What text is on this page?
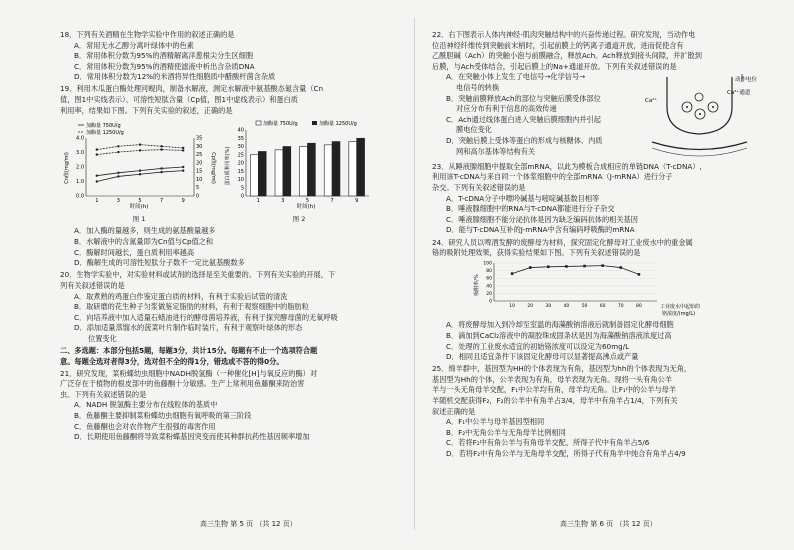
18．下列有关酒精在生物学实验中作用的叙述正确的是
A．常用无水乙醇分离叶绿体中的色素
B．常用体积分数为95%的酒精解离洋葱根尖分生区细胞
C．常用体积分数为95%的酒精使滤液中析出含杂质DNA
D．常用体积分数为12%的米酒将异性细胞质中醋酸杆菌含杂质
19．利用木瓜蛋白酶处理河蚬肉，制备水解液，测定水解液中氨基酸态氮含量（Cn
值，图1中实线表示）、可溶性短肽含量（Cp值，图1中虚线表示）和蛋白质
利用率，结果如下图。下列有关实验的叙述，正确的是
0.0
1.0
2.0
3.0
4.0
0
5
10
15
20
25
30
35
1	3	5	7	9
加酶量 750U/g
加酶量 1250U/g
Cn值(mg/ml)	Cp值(mg/ml)
时间(h)
图 1
0
5
10
15
20
25
30
35
40
1	3	5	7	9
加酶量 750U/g	加酶量 1250U/g
蛋白质利用率(%)
时间(h)
图 2
A．加入酶的量越多，则生成的氨基酸量越多
B．水解液中的含氮量即为Cn值与Cp值之和
C．酶解时间越长，蛋白质利用率越高
D．酶解生成的可溶性短肽分子数不一定比氨基酸数多
20．生物学实验中，对实验材料或试剂的选择是至关重要的。下列有关实验的开展，下
列有关叙述错误的是
A．取煮熟的鸡蛋白作鉴定蛋白质的材料，有利于实验后试管的清洗
B．取研磨的花生种子匀浆做鉴定脂肪的材料，有利于观察细胞中的脂肪粒
C．向培养液中加入适量石蜡油进行的酵母菌培养液，有利于探究酵母菌的无氧呼吸
D．添加适量蒸馏水的菠菜叶片制作临时装片，有利于观察叶绿体的形态
位置变化
二、多选题：本部分包括5题，每题3分，共计15分。每题有不止一个选项符合题
意。每题全选对者得3分，选对但不全的得1分，错选或不答的得0分。
21．研究发现，菜粉蝶幼虫细胞中NADH脱氢酶（一种催化[H]与氧反应的酶）对
广泛存在于植物的根皮部中的鱼藤酮十分敏感。生产上常利用鱼藤酮来防治害
虫。下列有关叙述错误的是
A．NADH 脱氢酶主要分布在线粒体的基质中
B．鱼藤酮主要抑制菜粉蝶幼虫细胞有氧呼吸的第三阶段
C．鱼藤酮也会对农作物产生很强的毒害作用
D．长期使用鱼藤酮将导致菜粉蝶基因突变而使其种群抗药性基因频率增加
高三生物 第 5 页 （共 12 页）
22．右下图表示人体内神经-肌肉突触结构中的兴奋传递过程。研究发现，当动作电
位沿神经纤维传到突触前末梢时，引起前膜上的钙离子通道开放，进而促使含有
乙酰胆碱（Ach）的突触小泡与前膜融合，释放Ach。Ach释放到接头间隙，并扩散到
后膜，与Ach受体结合，引起后膜上的Na+通道开放。下列有关叙述错误的是
A．在突触小体上发生了电信号→化学信号→
电信号的转换
B．突触前膜释放Ach的部位与突触后膜受体部位
对应分布有利于信息的高效传递
C．Ach通过线体蛋白进入突触后膜细胞内并引起
膜电位变化
D．突触后膜上受体等蛋白的形成与核糖体、内质
网和高尔基体等结构有关
动作电位
Ca²⁺
Ca²⁺通道
23．从睡液腺细胞中提取全部mRNA，以此为模板合成相应的单链DNA（T-cDNA）,
利用该T-cDNA与来自同一个体浆细胞中的全部mRNA（J-mRNA）进行分子
杂交。下列有关叙述错误的是
A．T-cDNA分子中嘌呤碱基与嘧啶碱基数目相等
B．唾液腺细胞中的RNA与T-cDNA都能进行分子杂交
C．唾液腺细胞不能分泌抗体是因为缺乏编码抗体的相关基因
D．能与T-cDNA互补的J-mRNA中含有编码呼吸酶的mRNA
24．研究人员以啤酒发酵的废酵母为材料，探究固定化酵母对工业废水中的重金属
铬的吸附处理效果，获得实验结果如下图。下列有关叙述错误的是
0
20
40
60
80
100
10	20	30	40	50	60	70	80
吸附率/%
工业废水中起始的
铬浓度/(mg/L)
A．将废酵母加入到冷却至室温的海藻酸钠溶液后就制备固定化酵母细胞
B．滴加到CaCl₂溶液中的凝胶珠成固条状是因为海藻酸钠溶液浓度过高
C．处理的工业废水适宜的初始铬浓度可以设定为60mg/L
D．相同且适宜条件下该固定化酵母可以显著提高沸点或产量
25．绵羊群中，基因型为HH的个体表现为有角，基因型为hh的个体表现为无角，
基因型为Hh的个体，公羊表现为有角，母羊表现为无角。现将一头有角公羊
羊与一头无角母羊交配，F₁中公羊均有角，母羊均无角。让F₁中的公羊与母羊
羊随机交配获得F₂，F₂的公羊中有角羊占3/4，母羊中有角羊占1/4，下列有关
叙述正确的是
A．F₁中公羊与母羊基因型相同
B．F₂中无角公羊与无角母羊比例相同
C．若将F₂中有角公羊与有角母羊交配，所得子代中有角羊占5/6
D．若将F₂中有角公羊与无角母羊交配，所得子代有角羊中纯合有角羊占4/9
高三生物 第 6 页 （共 12 页）
